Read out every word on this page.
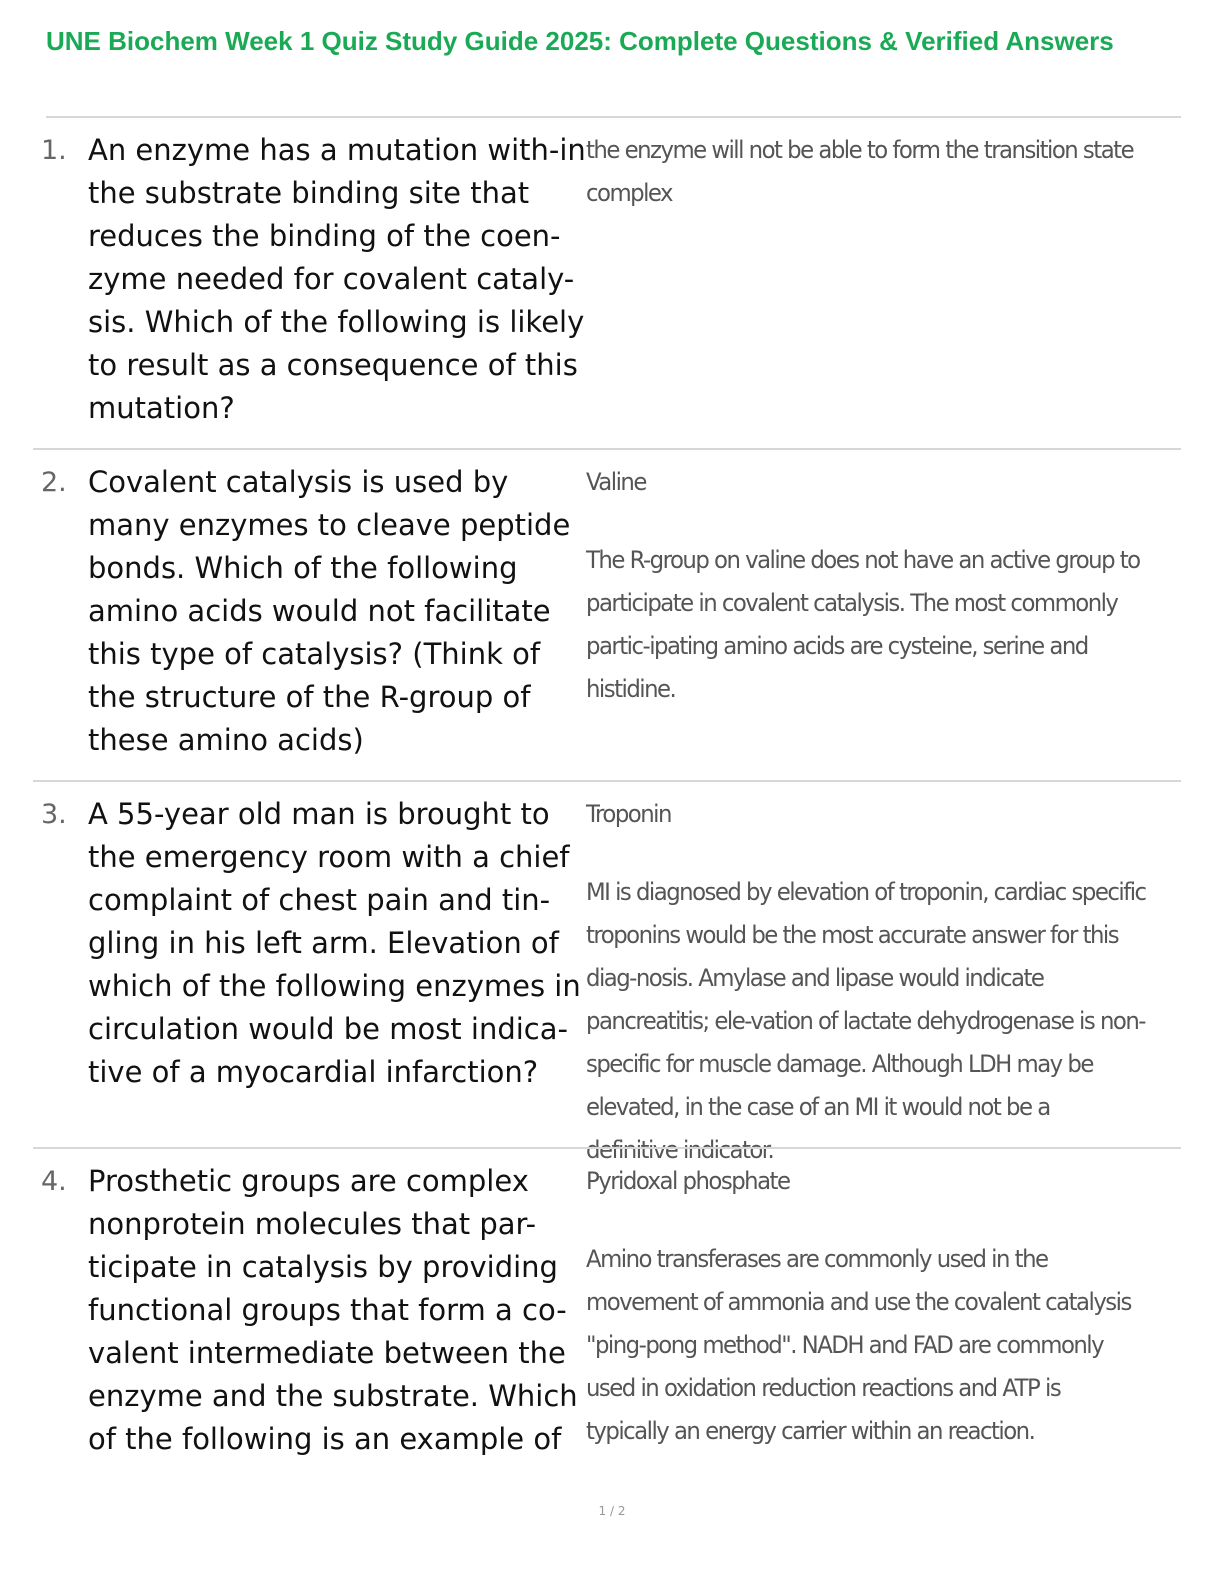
UNE Biochem Week 1 Quiz Study Guide 2025: Complete Questions & Verified Answers
1. An enzyme has a mutation with-in the substrate binding site that reduces the binding of the coen-zyme needed for covalent cataly-sis. Which of the following is likely to result as a consequence of this mutation?

the enzyme will not be able to form the transition state complex

2. Covalent catalysis is used by many enzymes to cleave peptide bonds. Which of the following amino acids would not facilitate this type of catalysis? (Think of the structure of the R-group of these amino acids)

Valine

The R-group on valine does not have an active group to participate in covalent catalysis. The most commonly partic-ipating amino acids are cysteine, serine and histidine.

3. A 55-year old man is brought to the emergency room with a chief complaint of chest pain and tin-gling in his left arm. Elevation of which of the following enzymes in circulation would be most indica-tive of a myocardial infarction?

Troponin

MI is diagnosed by elevation of troponin, cardiac specific troponins would be the most accurate answer for this diag-nosis. Amylase and lipase would indicate pancreatitis; ele-vation of lactate dehydrogenase is non-specific for muscle damage. Although LDH may be elevated, in the case of an MI it would not be a definitive indicator.

4. Prosthetic groups are complex nonprotein molecules that par-ticipate in catalysis by providing functional groups that form a co-valent intermediate between the enzyme and the substrate. Which of the following is an example of

Pyridoxal phosphate

Amino transferases are commonly used in the movement of ammonia and use the covalent catalysis "ping-pong method". NADH and FAD are commonly used in oxidation reduction reactions and ATP is typically an energy carrier within an reaction.

1 / 2
